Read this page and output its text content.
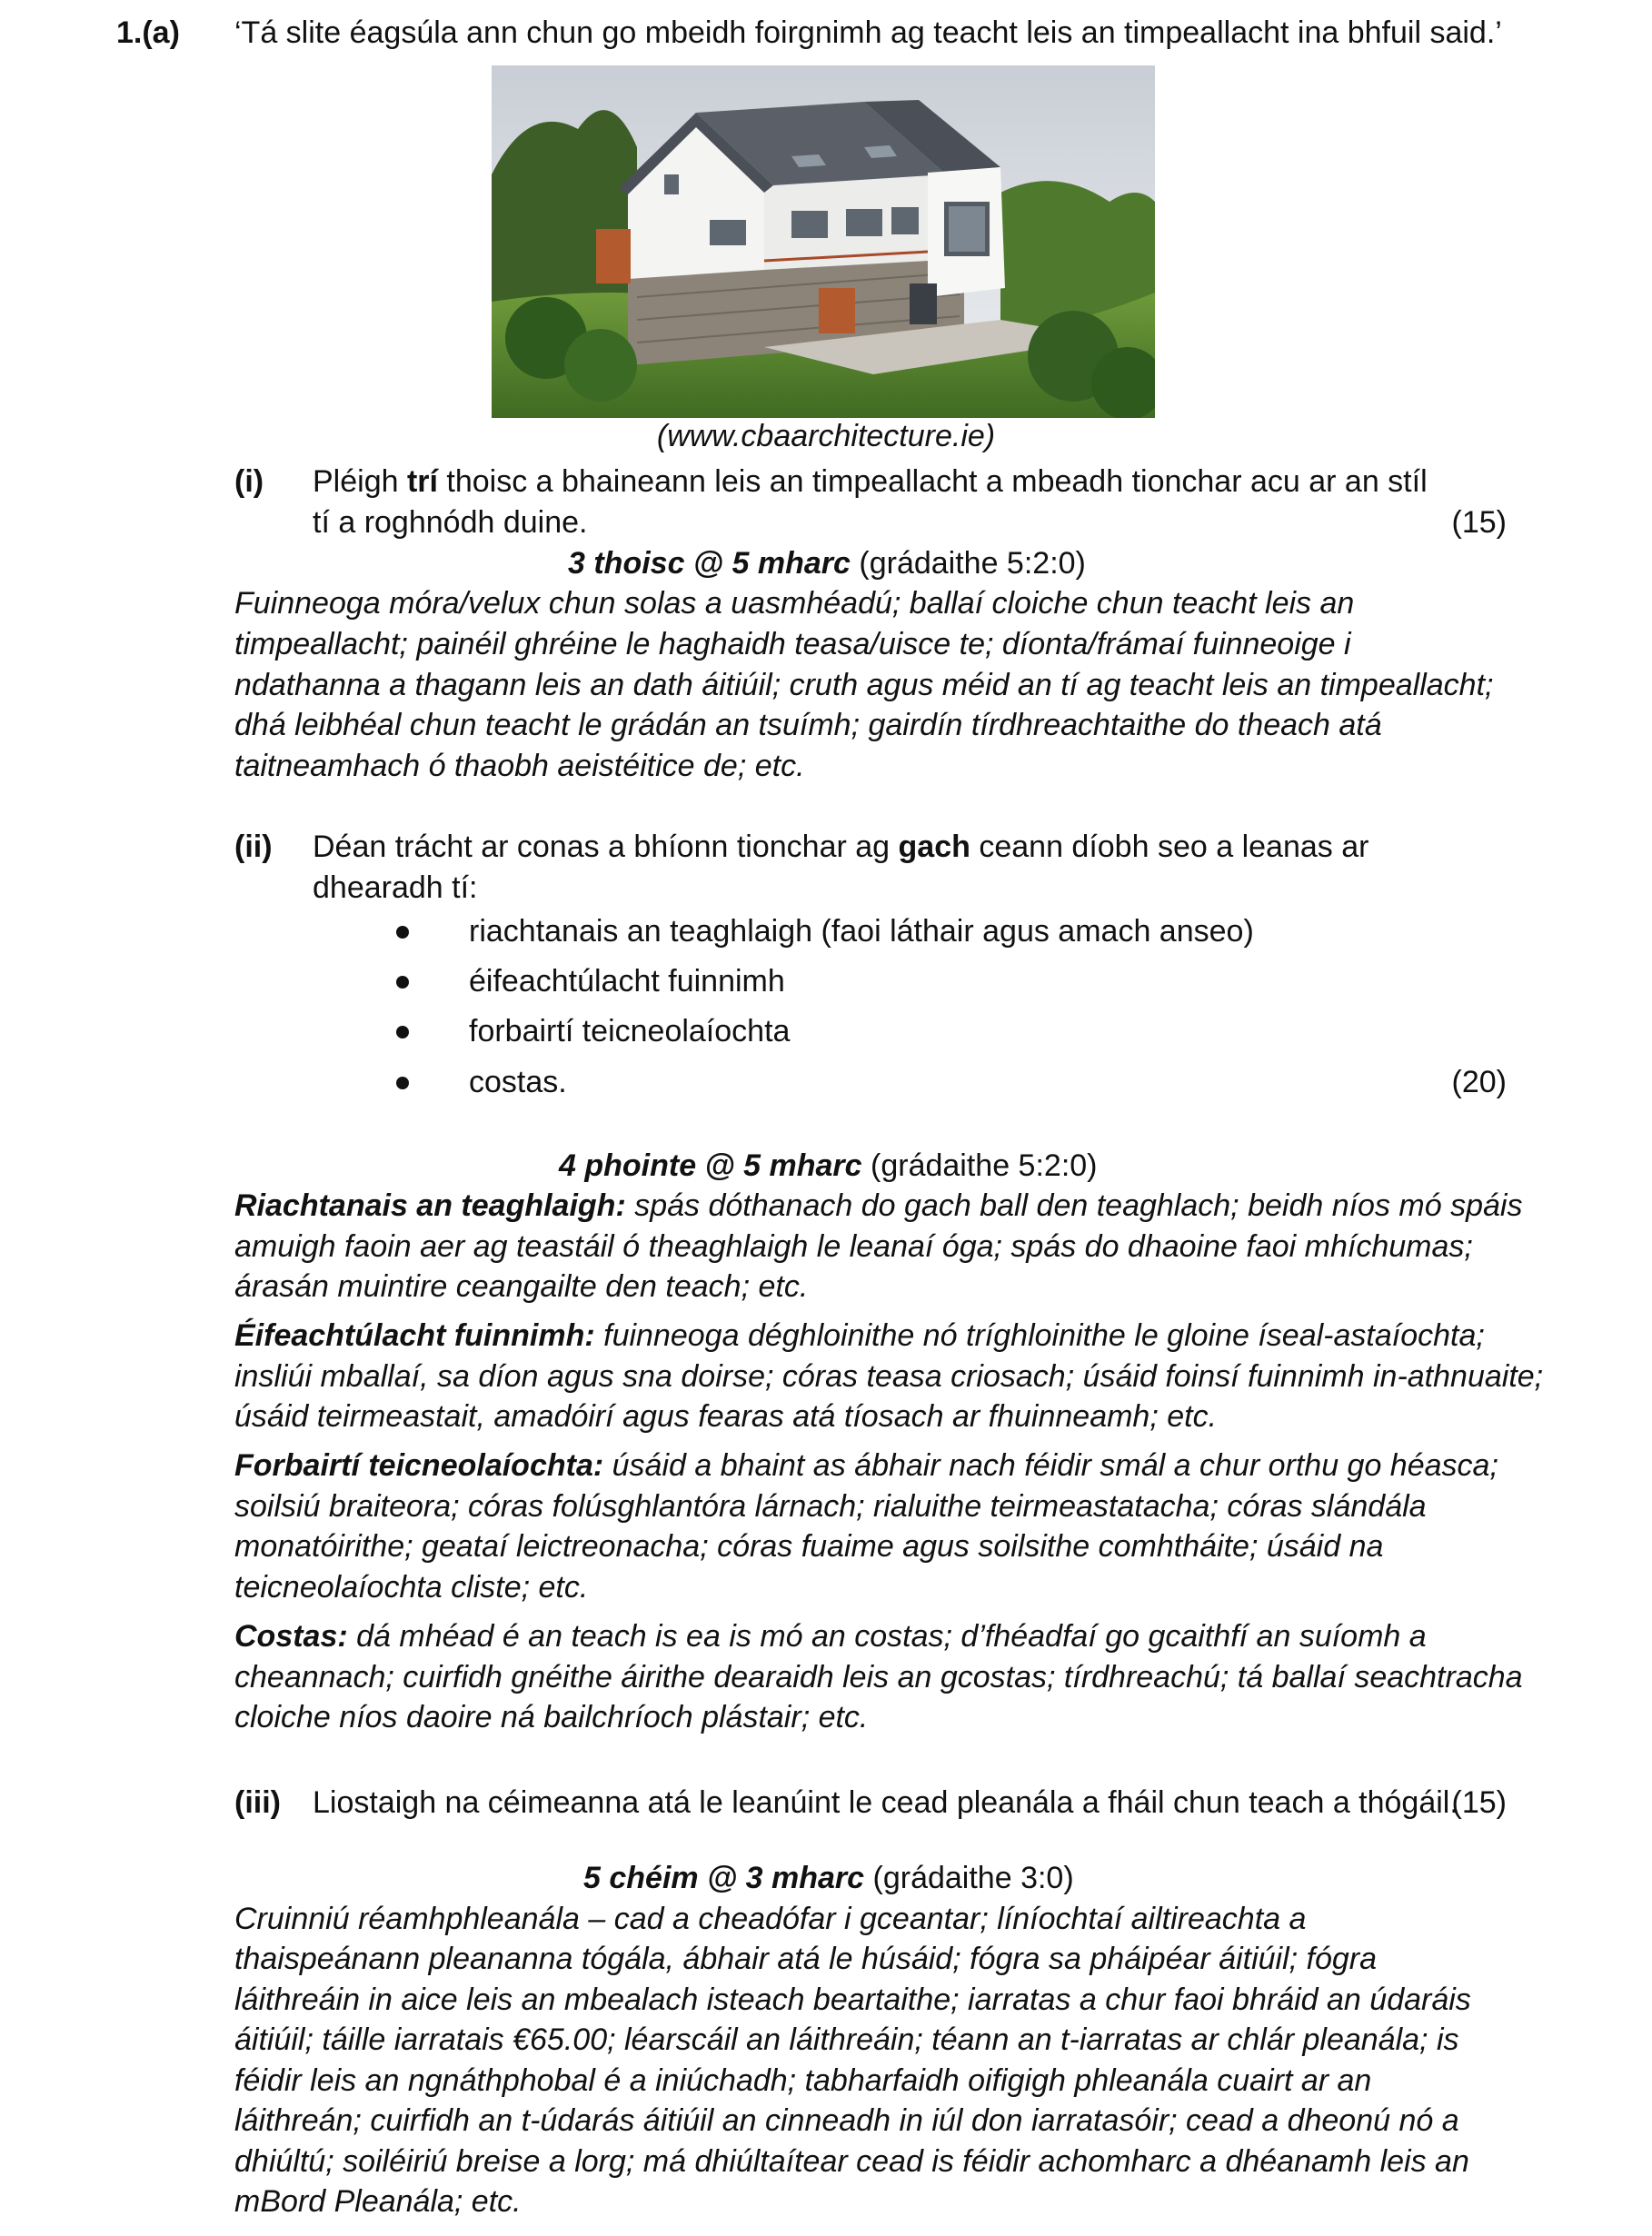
1.(a) ‘Tá slite éagsúla ann chun go mbeidh foirgnimh ag teacht leis an timpeallacht ina bhfuil said.’
(www.cbaarchitecture.ie)
(i) Pléigh trí thoisc a bhaineann leis an timpeallacht a mbeadh tionchar acu ar an stíl
tí a roghnódh duine.	(15)
3 thoisc @ 5 mharc (grádaithe 5:2:0)
Fuinneoga móra/velux chun solas a uasmhéadú; ballaí cloiche chun teacht leis an
timpeallacht; painéil ghréine le haghaidh teasa/uisce te; díonta/frámaí fuinneoige i
ndathanna a thagann leis an dath áitiúil; cruth agus méid an tí ag teacht leis an timpeallacht;
dhá leibhéal chun teacht le grádán an tsuímh; gairdín tírdhreachtaithe do theach atá
taitneamhach ó thaobh aeistéitice de; etc.
(ii) Déan trácht ar conas a bhíonn tionchar ag gach ceann díobh seo a leanas ar
dhearadh tí:
riachtanais an teaghlaigh (faoi láthair agus amach anseo)
éifeachtúlacht fuinnimh
forbairtí teicneolaíochta
costas.	(20)
4 phointe @ 5 mharc (grádaithe 5:2:0)
Riachtanais an teaghlaigh: spás dóthanach do gach ball den teaghlach; beidh níos mó spáis
amuigh faoin aer ag teastáil ó theaghlaigh le leanaí óga; spás do dhaoine faoi mhíchumas;
árasán muintire ceangailte den teach; etc.
Éifeachtúlacht fuinnimh: fuinneoga déghloinithe nó tríghloinithe le gloine íseal-astaíochta;
insliúi mballaí, sa díon agus sna doirse; córas teasa criosach; úsáid foinsí fuinnimh in-athnuaite;
úsáid teirmeastait, amadóirí agus fearas atá tíosach ar fhuinneamh; etc.
Forbairtí teicneolaíochta: úsáid a bhaint as ábhair nach féidir smál a chur orthu go héasca;
soilsiú braiteora; córas folúsghlantóra lárnach; rialuithe teirmeastatacha; córas slándála
monatóirithe; geataí leictreonacha; córas fuaime agus soilsithe comhtháite; úsáid na
teicneolaíochta cliste; etc.
Costas: dá mhéad é an teach is ea is mó an costas; d’fhéadfaí go gcaithfí an suíomh a
cheannach; cuirfidh gnéithe áirithe dearaidh leis an gcostas; tírdhreachú; tá ballaí seachtracha
cloiche níos daoire ná bailchríoch plástair; etc.
(iii) Liostaigh na céimeanna atá le leanúint le cead pleanála a fháil chun teach a thógáil.
(15)
5 chéim @ 3 mharc (grádaithe 3:0)
Cruinniú réamhphleanála – cad a cheadófar i gceantar; líníochtaí ailtireachta a
thaispeánann pleananna tógála, ábhair atá le húsáid; fógra sa pháipéar áitiúil; fógra
láithreáin in aice leis an mbealach isteach beartaithe; iarratas a chur faoi bhráid an údaráis
áitiúil; táille iarratais €65.00; léarscáil an láithreáin; téann an t-iarratas ar chlár pleanála; is
féidir leis an ngnáthphobal é a iniúchadh; tabharfaidh oifigigh phleanála cuairt ar an
láithreán; cuirfidh an t-údarás áitiúil an cinneadh in iúl don iarratasóir; cead a dheonú nó a
dhiúltú; soiléiriú breise a lorg; má dhiúltaítear cead is féidir achomharc a dhéanamh leis an
mBord Pleanála; etc.
